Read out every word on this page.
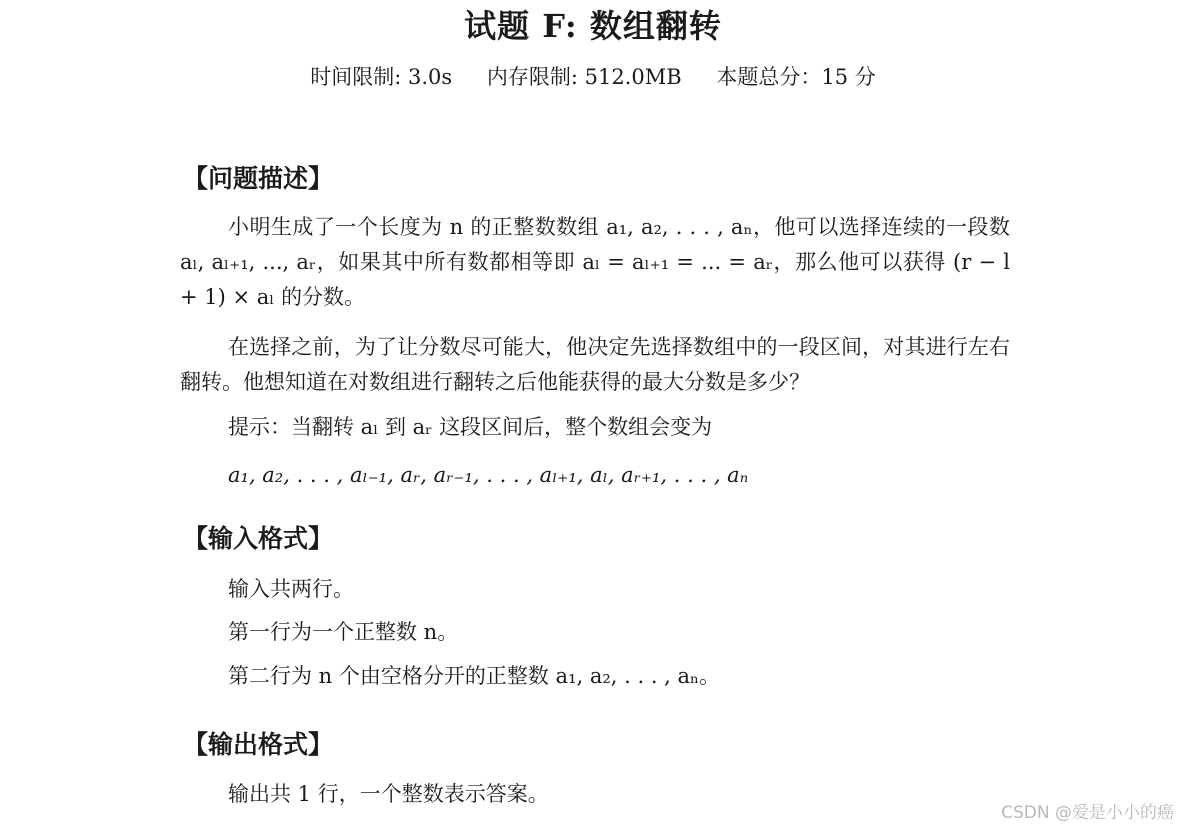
试题 F: 数组翻转
时间限制: 3.0s 内存限制: 512.0MB 本题总分：15 分
【问题描述】
小明生成了一个长度为 n 的正整数数组 a₁, a₂, . . . , aₙ，他可以选择连续的一段数 aₗ, aₗ₊₁, ..., aᵣ，如果其中所有数都相等即 aₗ = aₗ₊₁ = ... = aᵣ，那么他可以获得 (r − l + 1) × aₗ 的分数。
在选择之前，为了让分数尽可能大，他决定先选择数组中的一段区间，对其进行左右翻转。他想知道在对数组进行翻转之后他能获得的最大分数是多少？
提示：当翻转 aₗ 到 aᵣ 这段区间后，整个数组会变为
a₁, a₂, . . . , aₗ₋₁, aᵣ, aᵣ₋₁, . . . , aₗ₊₁, aₗ, aᵣ₊₁, . . . , aₙ
【输入格式】
输入共两行。
第一行为一个正整数 n。
第二行为 n 个由空格分开的正整数 a₁, a₂, . . . , aₙ。
【输出格式】
输出共 1 行，一个整数表示答案。
CSDN @爱是小小的癌
